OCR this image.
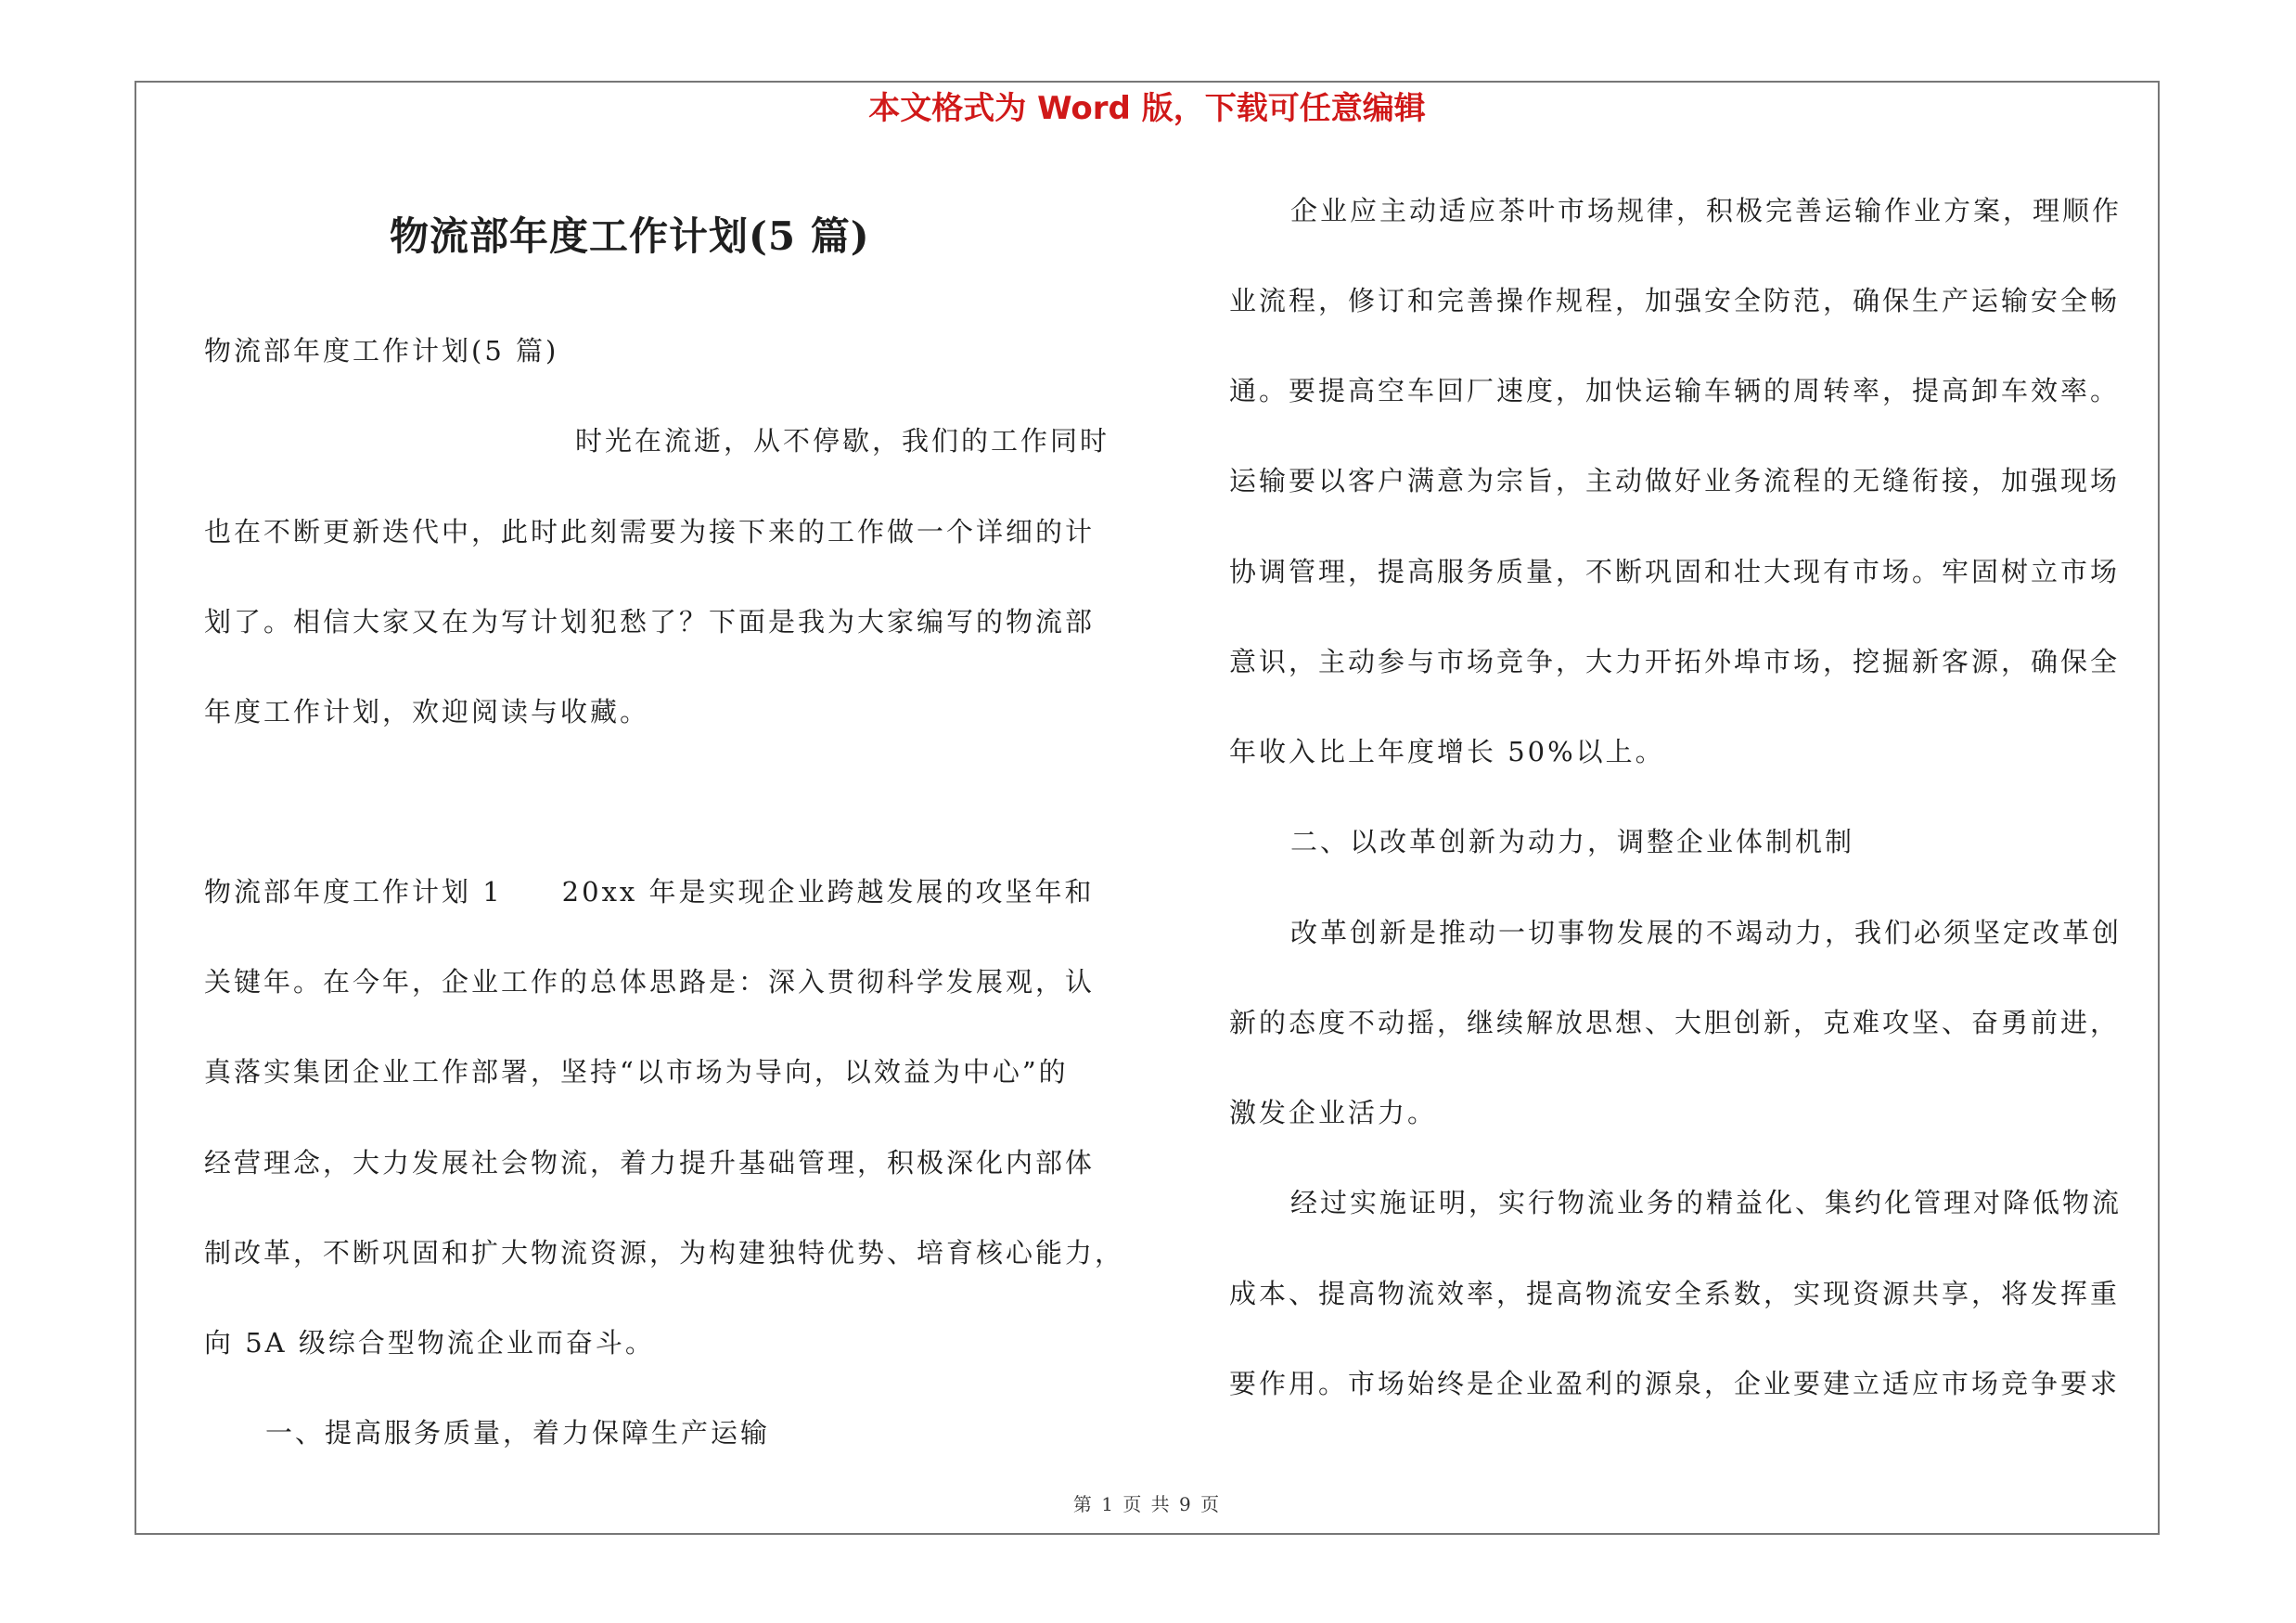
本文格式为 Word 版，下载可任意编辑
物流部年度工作计划(5 篇)
物流部年度工作计划(5 篇)
时光在流逝，从不停歇，我们的工作同时
也在不断更新迭代中，此时此刻需要为接下来的工作做一个详细的计
划了。相信大家又在为写计划犯愁了？下面是我为大家编写的物流部
年度工作计划，欢迎阅读与收藏。
物流部年度工作计划 1　　20xx 年是实现企业跨越发展的攻坚年和
关键年。在今年，企业工作的总体思路是：深入贯彻科学发展观，认
真落实集团企业工作部署，坚持“以市场为导向，以效益为中心”的
经营理念，大力发展社会物流，着力提升基础管理，积极深化内部体
制改革，不断巩固和扩大物流资源，为构建独特优势、培育核心能力，
向 5A 级综合型物流企业而奋斗。
一、提高服务质量，着力保障生产运输
企业应主动适应茶叶市场规律，积极完善运输作业方案，理顺作
业流程，修订和完善操作规程，加强安全防范，确保生产运输安全畅
通。要提高空车回厂速度，加快运输车辆的周转率，提高卸车效率。
运输要以客户满意为宗旨，主动做好业务流程的无缝衔接，加强现场
协调管理，提高服务质量，不断巩固和壮大现有市场。牢固树立市场
意识，主动参与市场竞争，大力开拓外埠市场，挖掘新客源，确保全
年收入比上年度增长 50%以上。
二、以改革创新为动力，调整企业体制机制
改革创新是推动一切事物发展的不竭动力，我们必须坚定改革创
新的态度不动摇，继续解放思想、大胆创新，克难攻坚、奋勇前进，
激发企业活力。
经过实施证明，实行物流业务的精益化、集约化管理对降低物流
成本、提高物流效率，提高物流安全系数，实现资源共享，将发挥重
要作用。市场始终是企业盈利的源泉，企业要建立适应市场竞争要求
第 1 页 共 9 页
